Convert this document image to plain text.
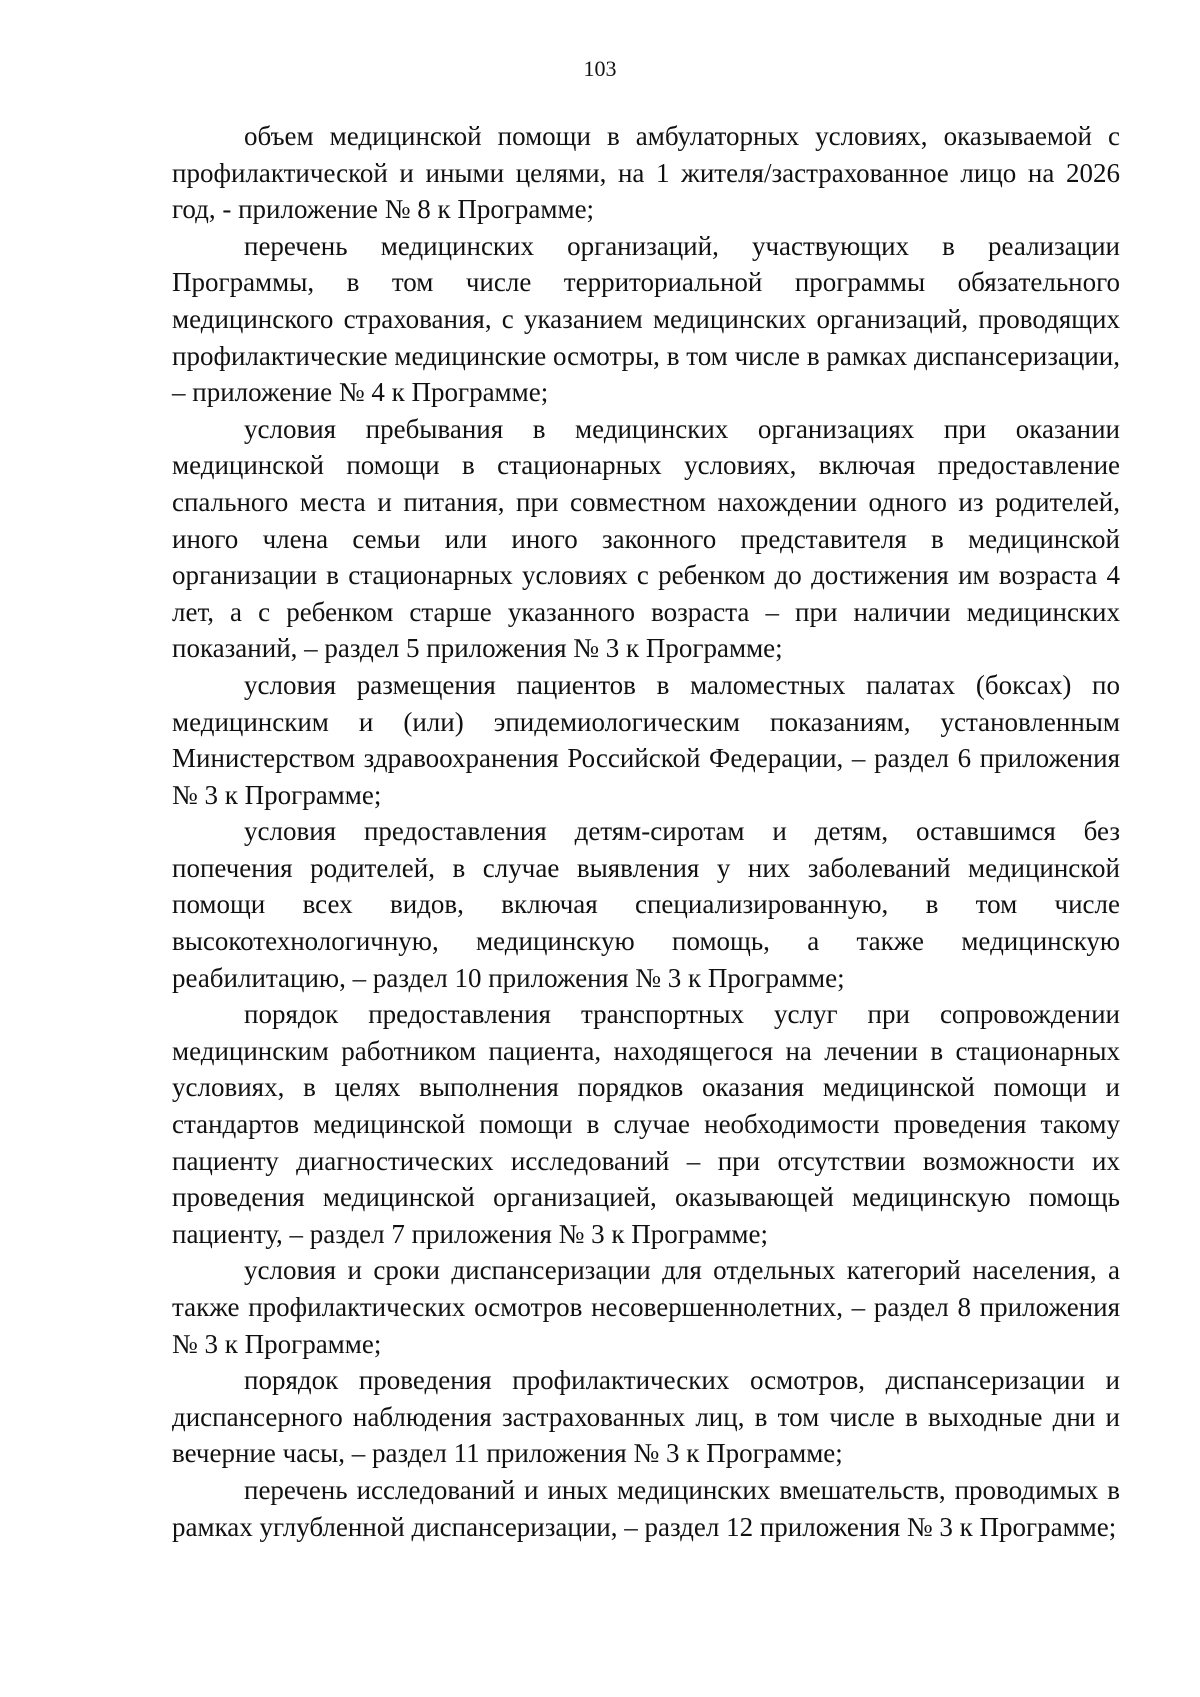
103

объем медицинской помощи в амбулаторных условиях, оказываемой с профилактической и иными целями, на 1 жителя/застрахованное лицо на 2026 год, - приложение № 8 к Программе;

перечень медицинских организаций, участвующих в реализации Программы, в том числе территориальной программы обязательного медицинского страхования, с указанием медицинских организаций, проводящих профилактические медицинские осмотры, в том числе в рамках диспансеризации, – приложение № 4 к Программе;

условия пребывания в медицинских организациях при оказании медицинской помощи в стационарных условиях, включая предоставление спального места и питания, при совместном нахождении одного из родителей, иного члена семьи или иного законного представителя в медицинской организации в стационарных условиях с ребенком до достижения им возраста 4 лет, а с ребенком старше указанного возраста – при наличии медицинских показаний, – раздел 5 приложения № 3 к Программе;

условия размещения пациентов в маломестных палатах (боксах) по медицинским и (или) эпидемиологическим показаниям, установленным Министерством здравоохранения Российской Федерации, – раздел 6 приложения № 3 к Программе;

условия предоставления детям-сиротам и детям, оставшимся без попечения родителей, в случае выявления у них заболеваний медицинской помощи всех видов, включая специализированную, в том числе высокотехнологичную, медицинскую помощь, а также медицинскую реабилитацию, – раздел 10 приложения № 3 к Программе;

порядок предоставления транспортных услуг при сопровождении медицинским работником пациента, находящегося на лечении в стационарных условиях, в целях выполнения порядков оказания медицинской помощи и стандартов медицинской помощи в случае необходимости проведения такому пациенту диагностических исследований – при отсутствии возможности их проведения медицинской организацией, оказывающей медицинскую помощь пациенту, – раздел 7 приложения № 3 к Программе;

условия и сроки диспансеризации для отдельных категорий населения, а также профилактических осмотров несовершеннолетних, – раздел 8 приложения № 3 к Программе;

порядок проведения профилактических осмотров, диспансеризации и диспансерного наблюдения застрахованных лиц, в том числе в выходные дни и вечерние часы, – раздел 11 приложения № 3 к Программе;

перечень исследований и иных медицинских вмешательств, проводимых в рамках углубленной диспансеризации, – раздел 12 приложения № 3 к Программе;
